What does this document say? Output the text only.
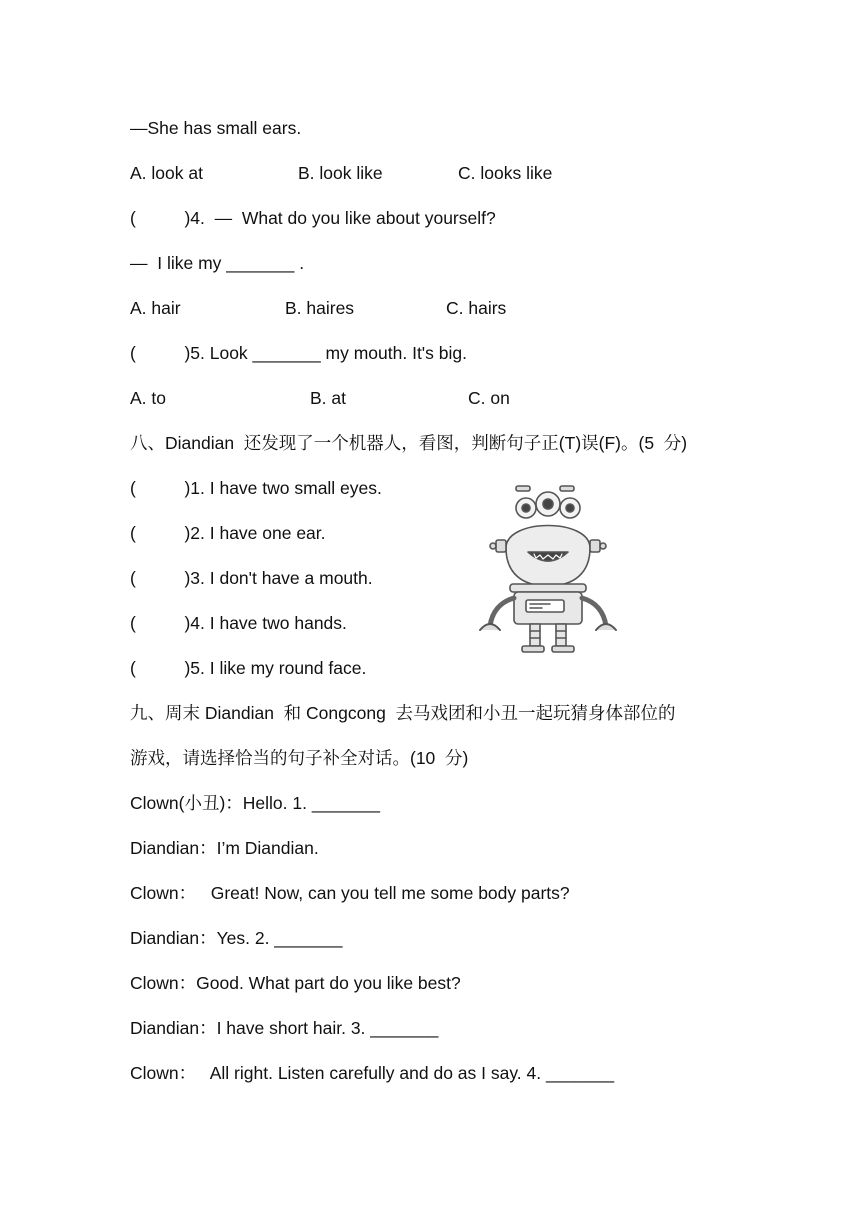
—She has small ears.
A. look at	B. look like	C. looks like
(          )4.  —  What do you like about yourself?
—  I like my _______ .
A. hair	B. haires	C. hairs
(          )5. Look _______ my mouth. It's big.
A. to	B. at	C. on
八、Diandian  还发现了一个机器人，看图，判断句子正(T)误(F)。(5  分)
(          )1. I have two small eyes.
(          )2. I have one ear.
(          )3. I don't have a mouth.
(          )4. I have two hands.
(          )5. I like my round face.
九、周末 Diandian  和 Congcong  去马戏团和小丑一起玩猜身体部位的
游戏，请选择恰当的句子补全对话。(10  分)
Clown(小丑)：Hello. 1. _______
Diandian：I’m Diandian.
Clown：   Great! Now, can you tell me some body parts?
Diandian：Yes. 2. _______
Clown：Good. What part do you like best?
Diandian：I have short hair. 3. _______
Clown：   All right. Listen carefully and do as I say. 4. _______
